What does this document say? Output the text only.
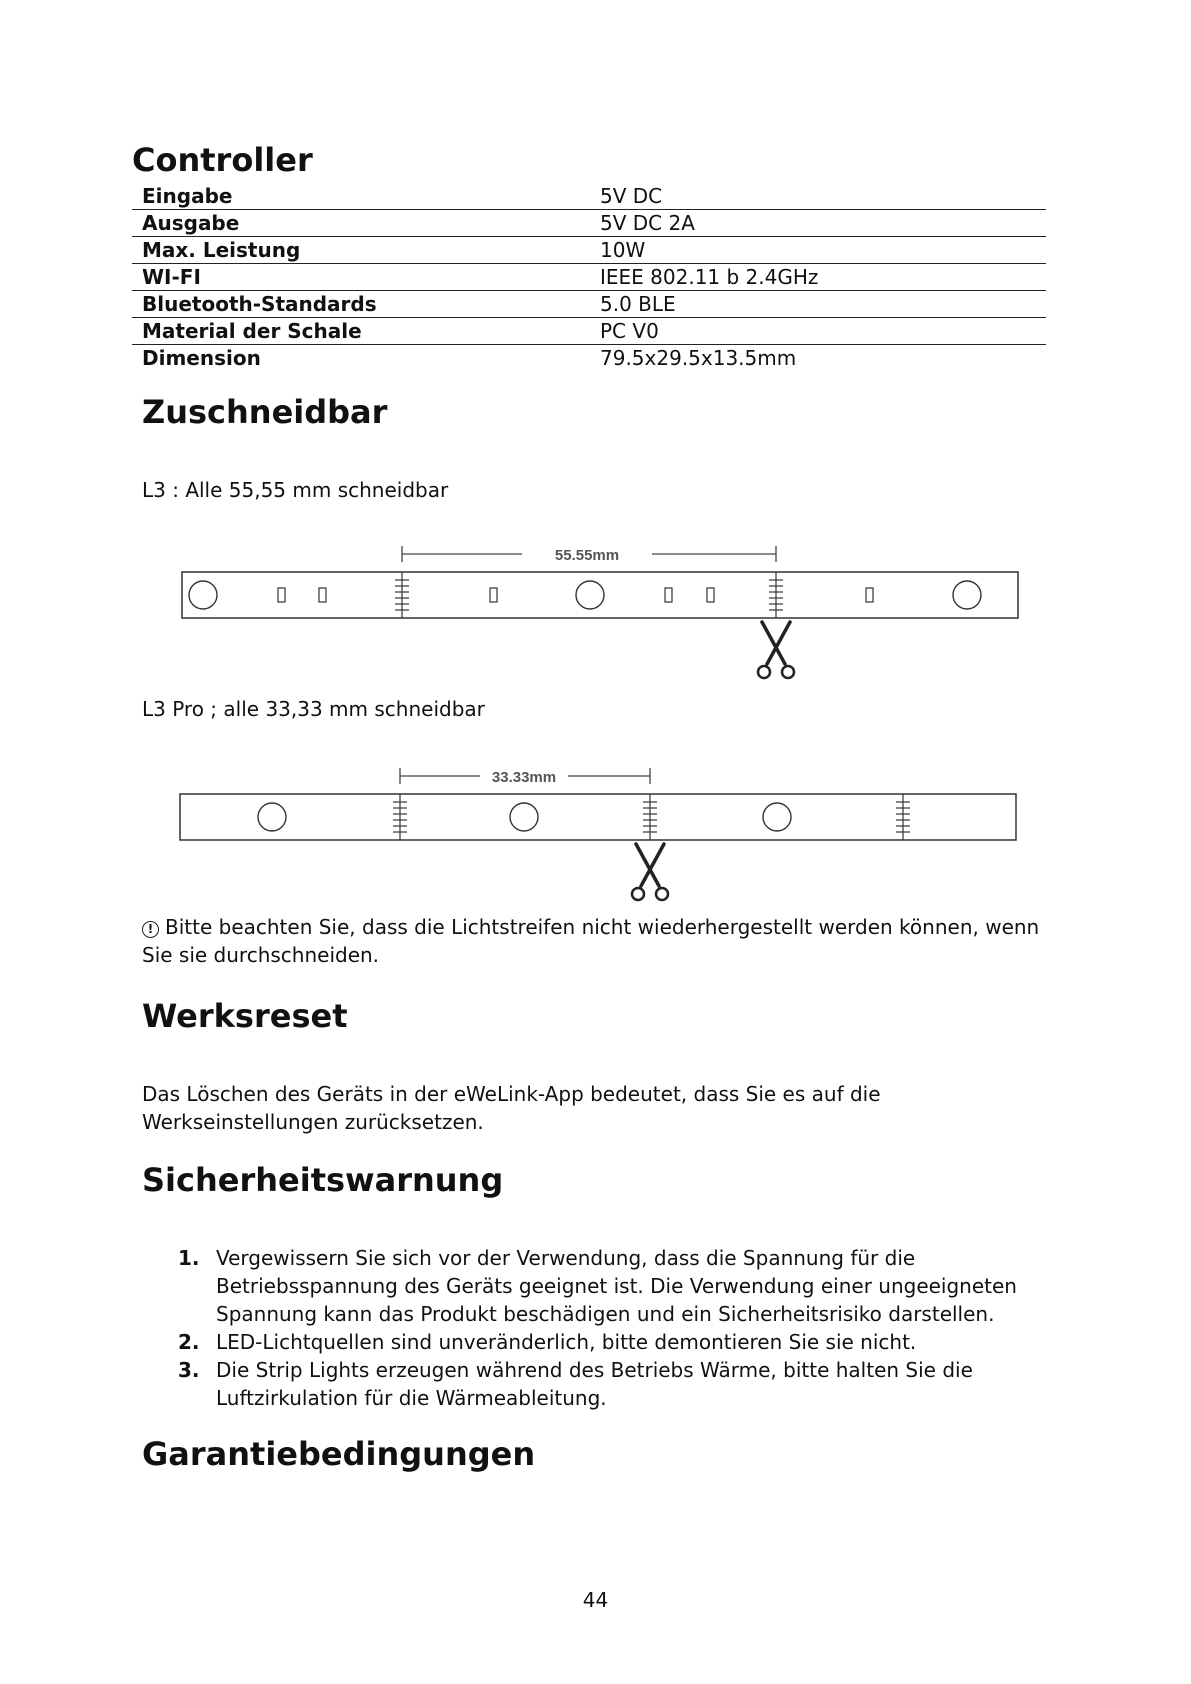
Controller
Eingabe	5V DC
Ausgabe	5V DC 2A
Max. Leistung	10W
WI-FI	IEEE 802.11 b 2.4GHz
Bluetooth-Standards	5.0 BLE
Material der Schale	PC V0
Dimension	79.5x29.5x13.5mm
Zuschneidbar
L3 : Alle 55,55 mm schneidbar
55.55mm
L3 Pro ; alle 33,33 mm schneidbar
33.33mm
! Bitte beachten Sie, dass die Lichtstreifen nicht wiederhergestellt werden können, wenn Sie sie durchschneiden.
Werksreset
Das Löschen des Geräts in der eWeLink-App bedeutet, dass Sie es auf die Werkseinstellungen zurücksetzen.
Sicherheitswarnung
1. Vergewissern Sie sich vor der Verwendung, dass die Spannung für die Betriebsspannung des Geräts geeignet ist. Die Verwendung einer ungeeigneten Spannung kann das Produkt beschädigen und ein Sicherheitsrisiko darstellen.
2. LED-Lichtquellen sind unveränderlich, bitte demontieren Sie sie nicht.
3. Die Strip Lights erzeugen während des Betriebs Wärme, bitte halten Sie die Luftzirkulation für die Wärmeableitung.
Garantiebedingungen
44
